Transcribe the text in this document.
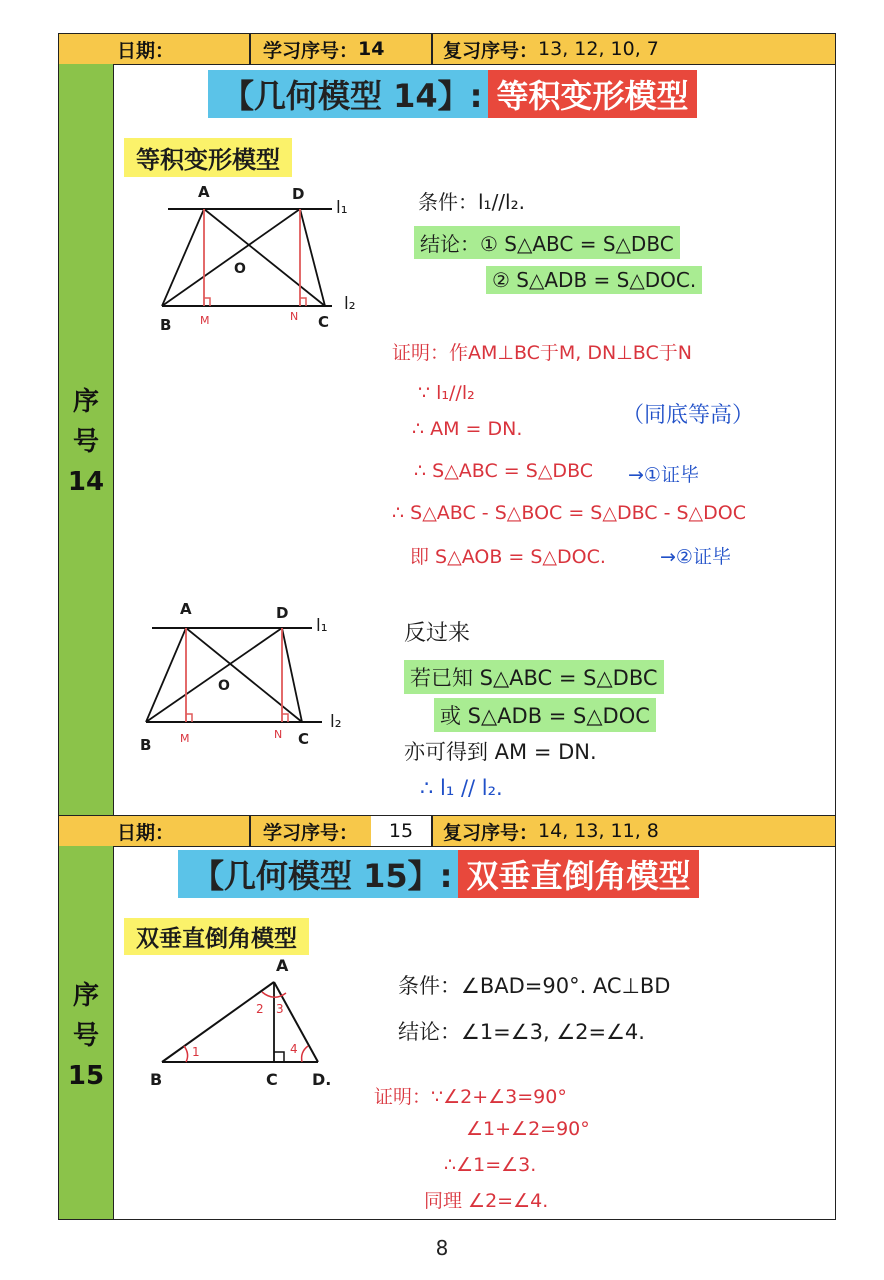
日期：	学习序号： 14	复习序号： 13, 12, 10, 7
序
号
14
【几何模型 14】: 等积变形模型
等积变形模型
A	D
l₁
O
B	M	N C
l₂
条件：l₁//l₂.
结论：① S△ABC = S△DBC
② S△ADB = S△DOC.
证明：作AM⊥BC于M, DN⊥BC于N
∵ l₁//l₂
∴ AM = DN.
（同底等高）
∴ S△ABC = S△DBC →①证毕
∴ S△ABC - S△BOC = S△DBC - S△DOC
即 S△AOB = S△DOC.	→②证毕
A	D
l₁
O
B	M	N C
l₂
反过来
若已知 S△ABC = S△DBC
或 S△ADB = S△DOC
亦可得到 AM = DN.
∴ l₁ // l₂.
日期：	学习序号：	15	复习序号： 14, 13, 11, 8
序
号
15
【几何模型 15】: 双垂直倒角模型
双垂直倒角模型
A
2 3
1	4
B	C D.
条件：∠BAD=90°. AC⊥BD
结论：∠1=∠3, ∠2=∠4.
证明：∵∠2+∠3=90°
∠1+∠2=90°
∴∠1=∠3.
同理 ∠2=∠4.
8
